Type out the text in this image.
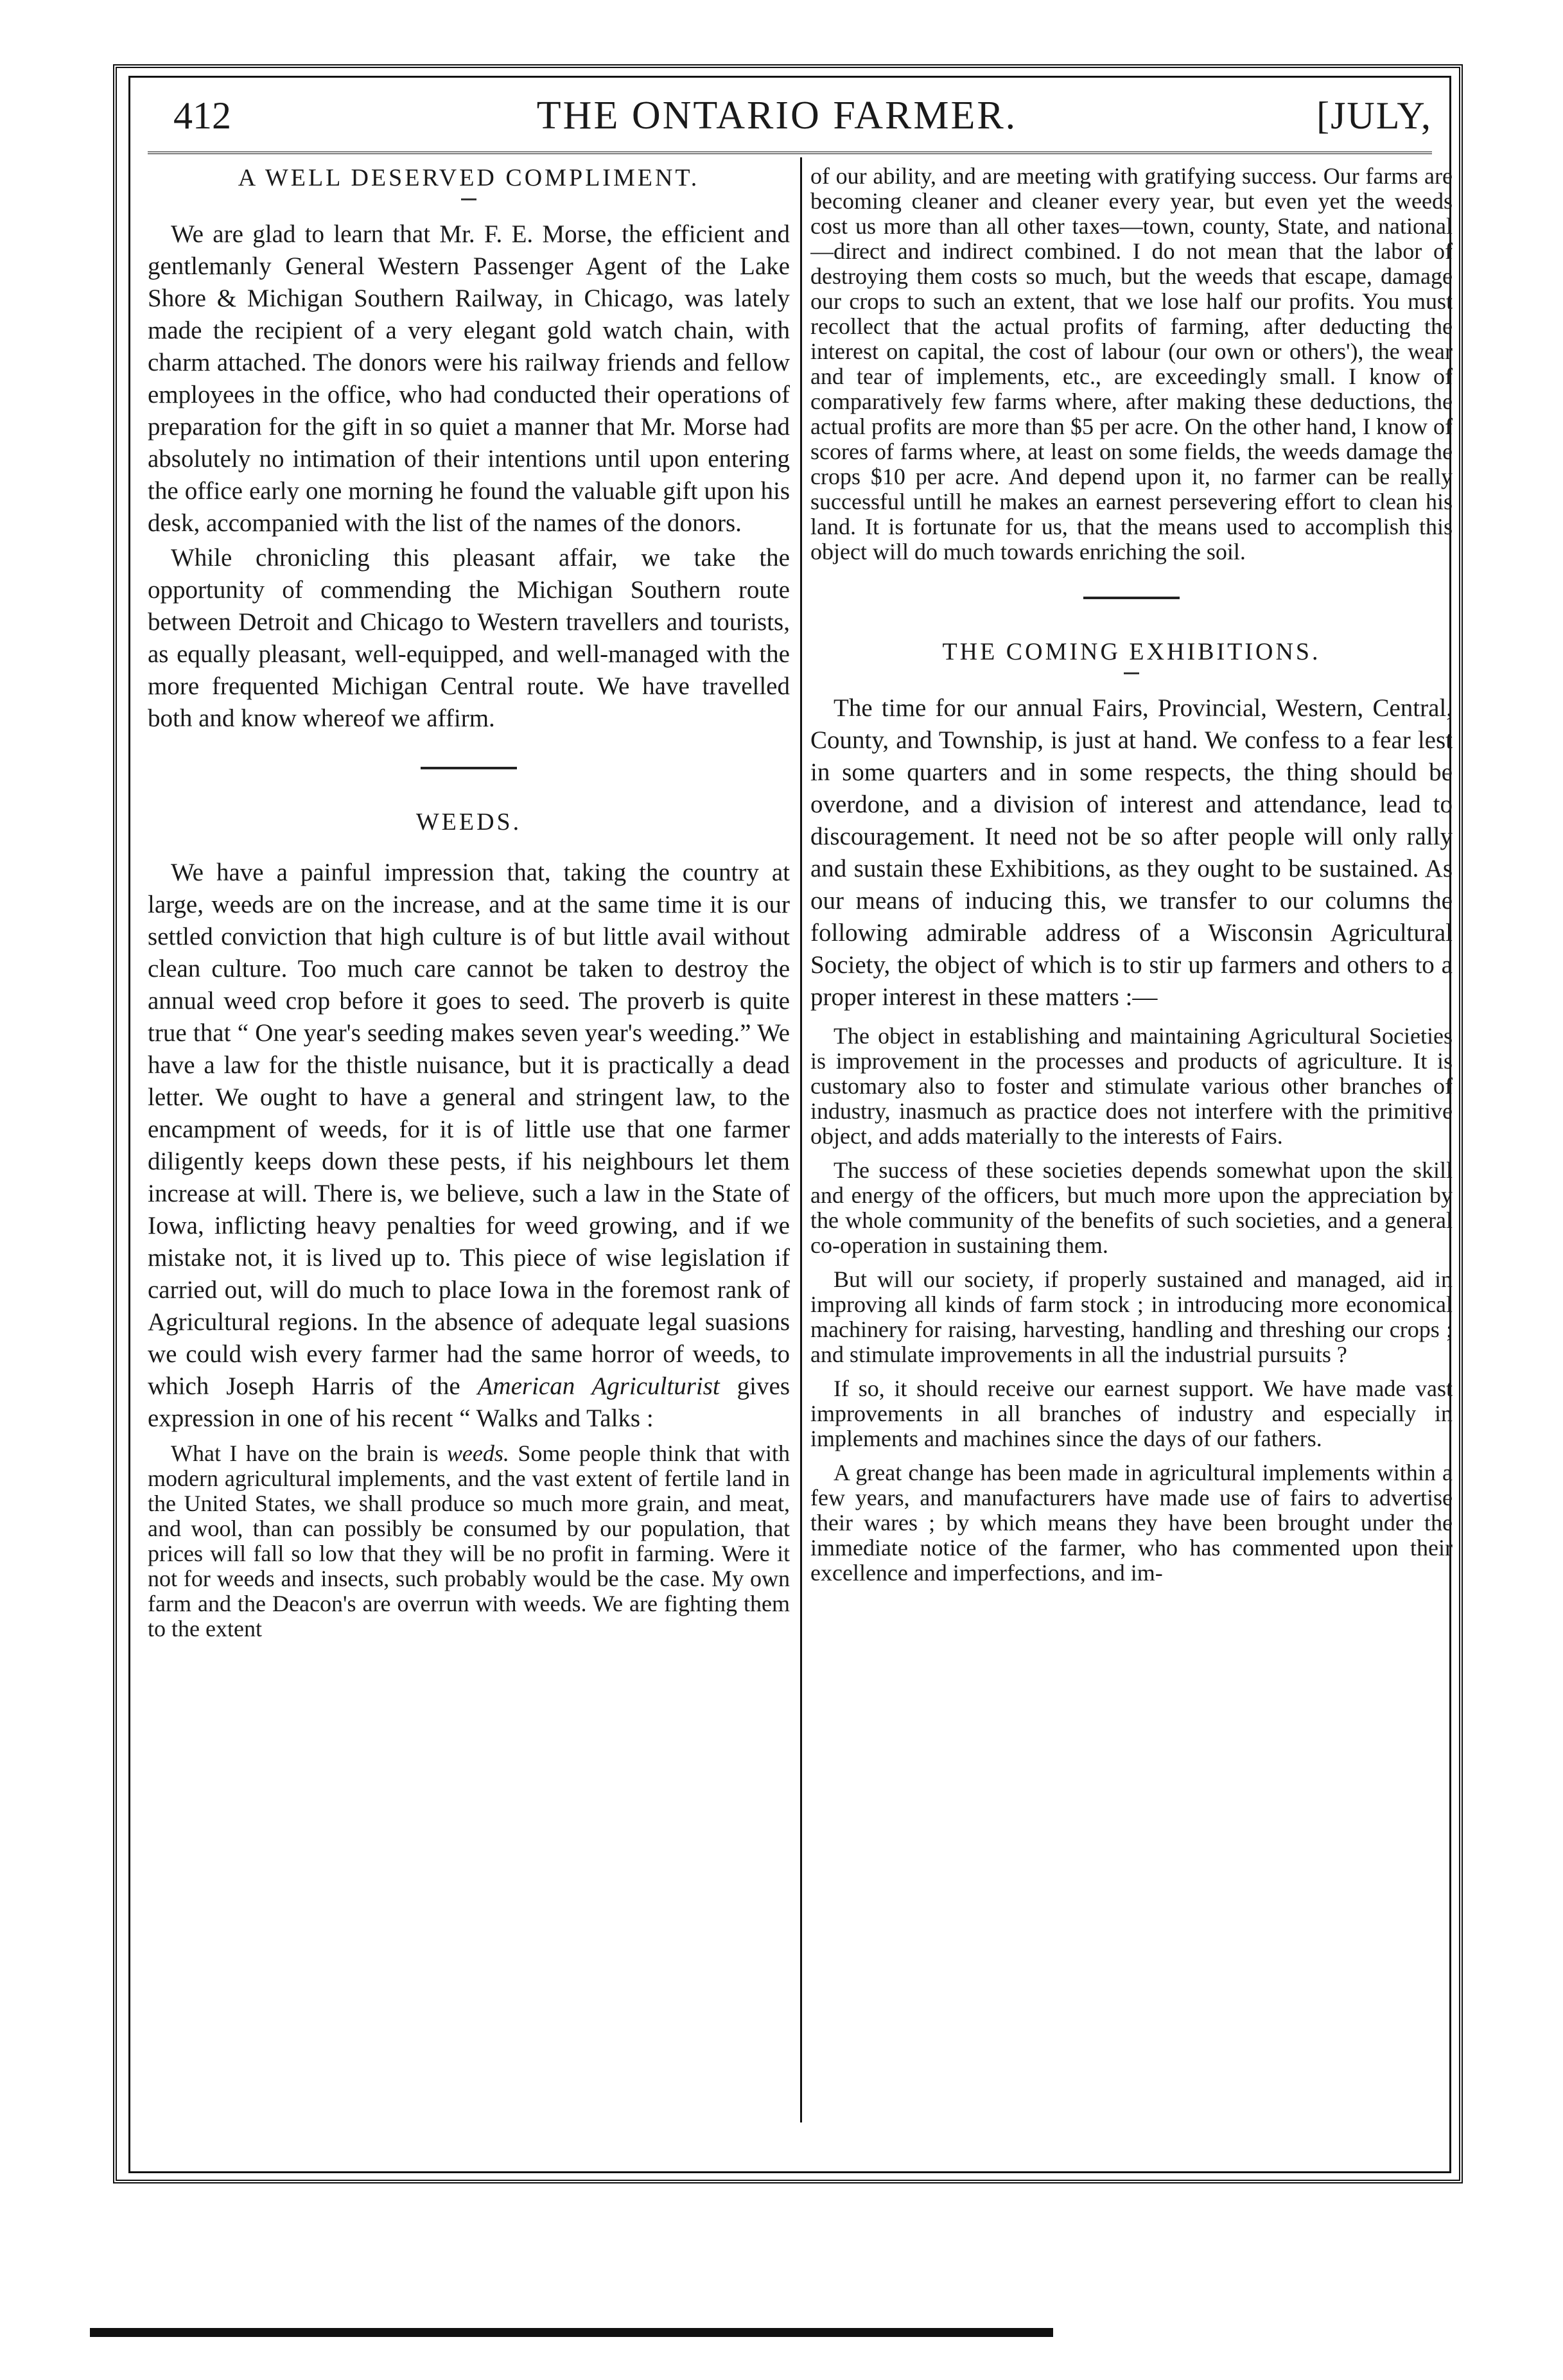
412	THE ONTARIO FARMER.	[JULY,
A WELL DESERVED COMPLIMENT.

We are glad to learn that Mr. F. E. Morse, the efficient and gentlemanly General Western Passenger Agent of the Lake Shore & Michigan Southern Railway, in Chicago, was lately made the recipient of a very elegant gold watch chain, with charm attached. The donors were his railway friends and fellow employees in the office, who had conducted their operations of preparation for the gift in so quiet a manner that Mr. Morse had absolutely no intimation of their intentions until upon entering the office early one morning he found the valuable gift upon his desk, accompanied with the list of the names of the donors.

While chronicling this pleasant affair, we take the opportunity of commending the Michigan Southern route between Detroit and Chicago to Western travellers and tourists, as equally pleasant, well-equipped, and well-managed with the more frequented Michigan Central route. We have travelled both and know whereof we affirm.

WEEDS.

We have a painful impression that, taking the country at large, weeds are on the increase, and at the same time it is our settled conviction that high culture is of but little avail without clean culture. Too much care cannot be taken to destroy the annual weed crop before it goes to seed. The proverb is quite true that “ One year's seeding makes seven year's weeding.” We have a law for the thistle nuisance, but it is practically a dead letter. We ought to have a general and stringent law, to the encampment of weeds, for it is of little use that one farmer diligently keeps down these pests, if his neighbours let them increase at will. There is, we believe, such a law in the State of Iowa, inflicting heavy penalties for weed growing, and if we mistake not, it is lived up to. This piece of wise legislation if carried out, will do much to place Iowa in the foremost rank of Agricultural regions. In the absence of adequate legal suasions we could wish every farmer had the same horror of weeds, to which Joseph Harris of the American Agriculturist gives expression in one of his recent “ Walks and Talks :

What I have on the brain is weeds. Some people think that with modern agricultural implements, and the vast extent of fertile land in the United States, we shall produce so much more grain, and meat, and wool, than can possibly be consumed by our population, that prices will fall so low that they will be no profit in farming. Were it not for weeds and insects, such probably would be the case. My own farm and the Deacon's are overrun with weeds. We are fighting them to the extent

of our ability, and are meeting with gratifying success. Our farms are becoming cleaner and cleaner every year, but even yet the weeds cost us more than all other taxes—town, county, State, and national—direct and indirect combined. I do not mean that the labor of destroying them costs so much, but the weeds that escape, damage our crops to such an extent, that we lose half our profits. You must recollect that the actual profits of farming, after deducting the interest on capital, the cost of labour (our own or others'), the wear and tear of implements, etc., are exceedingly small. I know of comparatively few farms where, after making these deductions, the actual profits are more than $5 per acre. On the other hand, I know of scores of farms where, at least on some fields, the weeds damage the crops $10 per acre. And depend upon it, no farmer can be really successful untill he makes an earnest persevering effort to clean his land. It is fortunate for us, that the means used to accomplish this object will do much towards enriching the soil.

THE COMING EXHIBITIONS.

The time for our annual Fairs, Provincial, Western, Central, County, and Township, is just at hand. We confess to a fear lest in some quarters and in some respects, the thing should be overdone, and a division of interest and attendance, lead to discouragement. It need not be so after people will only rally and sustain these Exhibitions, as they ought to be sustained. As our means of inducing this, we transfer to our columns the following admirable address of a Wisconsin Agricultural Society, the object of which is to stir up farmers and others to a proper interest in these matters :—

The object in establishing and maintaining Agricultural Societies is improvement in the processes and products of agriculture. It is customary also to foster and stimulate various other branches of industry, inasmuch as practice does not interfere with the primitive object, and adds materially to the interests of Fairs.

The success of these societies depends somewhat upon the skill and energy of the officers, but much more upon the appreciation by the whole community of the benefits of such societies, and a general co-operation in sustaining them.

But will our society, if properly sustained and managed, aid in improving all kinds of farm stock ; in introducing more economical machinery for raising, harvesting, handling and threshing our crops ; and stimulate improvements in all the industrial pursuits ?

If so, it should receive our earnest support. We have made vast improvements in all branches of industry and especially in implements and machines since the days of our fathers.

A great change has been made in agricultural implements within a few years, and manufacturers have made use of fairs to advertise their wares ; by which means they have been brought under the immediate notice of the farmer, who has commented upon their excellence and imperfections, and im-
